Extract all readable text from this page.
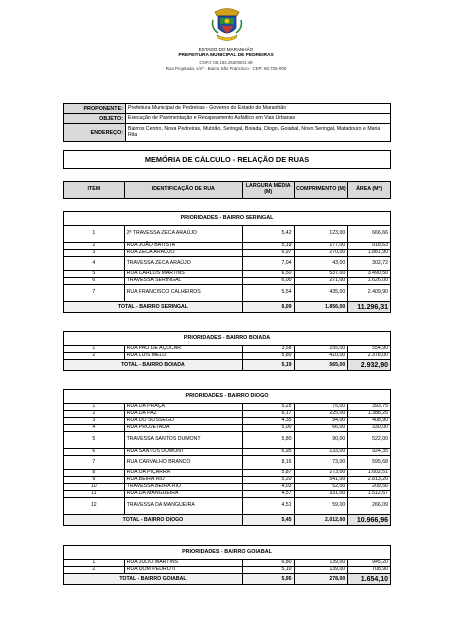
ESTADO DO MARANHÃO
PREFEITURA MUNICIPAL DE PEDREIRAS
CNPJ: 06.184.253/0001-49
Rua Projetada, s/nº - Bairro São Francisco - CEP: 65.725-000
PROPONENTE: Prefeitura Municipal de Pedreiras - Governo do Estado do Maranhão
OBJETO: Execução de Pavimentação e Recapeamento Asfáltico em Vias Urbanas
ENDEREÇO:
Bairros Centro, Nova Pedreiras, Mutirão, Seringal, Boiada, Diogo, Goiabal, Novo Seringal, Matadouro e Maria Rita
MEMÓRIA DE CÁLCULO - RELAÇÃO DE RUAS
ITEM	IDENTIFICAÇÃO DE RUA	LARGURA MÉDIA (M)	COMPRIMENTO (M)	ÁREA (M²)
PRIORIDADES - BAIRRO SERINGAL
1	2ª TRAVESSA ZECA ARAÚJO	5,42	123,00	666,66
2	RUA JOÃO BATISTA	5,19	177,00	918,63
3	RUA ZECA ARAÚJO	6,97	270,00	1.881,90
4	TRAVESSA ZECA ARAÚJO	7,04	43,00	302,72
5	RUA CARLOS MARTINS	6,50	537,00	3.490,50
6	TRAVESSA SERINGAL	6,00	271,00	1.626,00
7	RUA FRANCISCO CALHEIROS	5,54	435,00	2.409,90
TOTAL - BAIRRO SERINGAL	6,09	1.856,00	11.296,31
PRIORIDADES - BAIRRO BOIADA
1	RUA PAO DE AÇUCAR	3,58	155,00	554,90
2	RUA LUIS MELO	5,80	410,00	2.378,00
TOTAL - BAIRRO BOIADA	5,19	565,00	2.932,90
PRIORIDADES - BAIRRO DIOGO
1	RUA DA PRAÇA	5,25	75,00	393,75
2	RUA DA PAZ	6,17	225,00	1.388,25
3	RUA DO SOSSEGO	4,35	94,00	408,90
4	RUA PROJETADA	5,00	66,00	330,00
5	TRAVESSA SANTOS DUMONT	5,80	90,00	522,00
6	RUA SANTOS DUMONT	6,95	133,00	924,35
7	RUA CARVALHO BRANCO	8,16	73,00	595,68
8	RUA DA PIÇARRA	5,87	273,00	1.602,51
9	RUA BEIRA RIO	5,20	541,00	2.813,20
10	TRAVESSA BEIRA RIO	4,03	52,00	209,56
11	RUA DA MANGUEIRA	4,57	331,00	1.512,67
12	TRAVESSA DA MANGUEIRA	4,51	59,00	266,09
TOTAL - BAIRRO DIOGO	5,45	2.012,00	10.966,96
PRIORIDADES - BAIRRO GOIABAL
1	RUA JULIO MARTINS	6,80	139,00	945,20
2	RUA DOM PEDRO II	5,10	139,00	708,90
TOTAL - BAIRRO GOIABAL	5,95	278,00	1.654,10
